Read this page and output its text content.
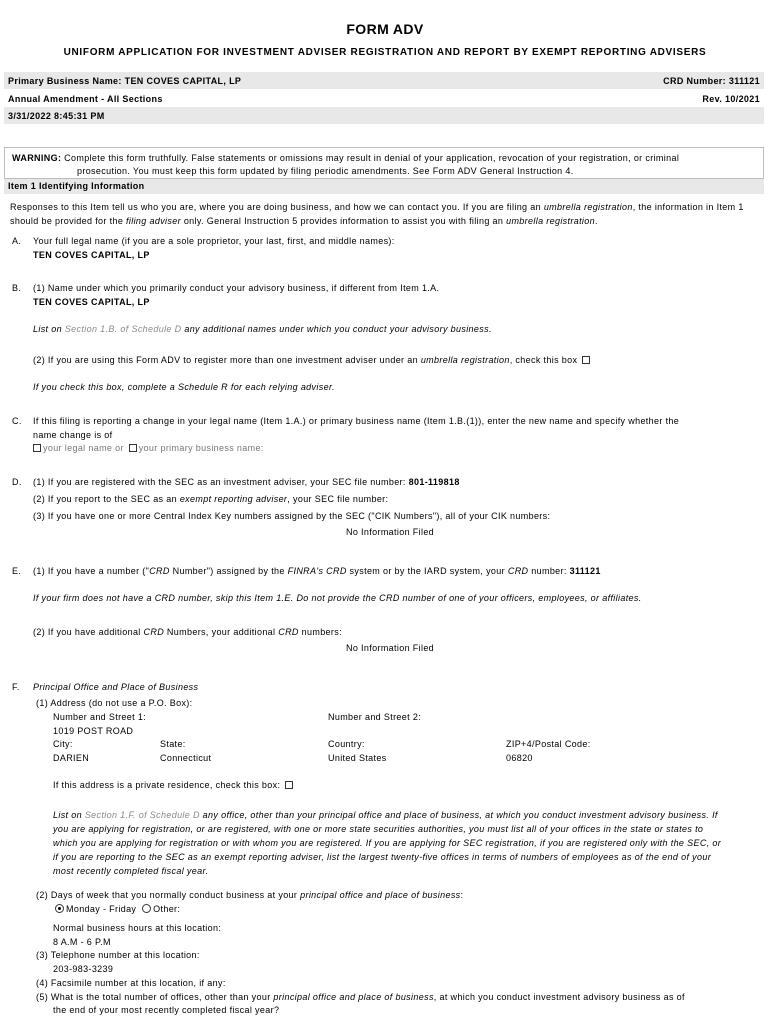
FORM ADV
UNIFORM APPLICATION FOR INVESTMENT ADVISER REGISTRATION AND REPORT BY EXEMPT REPORTING ADVISERS
Primary Business Name: TEN COVES CAPITAL, LP	CRD Number: 311121
Annual Amendment - All Sections	Rev. 10/2021
3/31/2022 8:45:31 PM
WARNING: Complete this form truthfully. False statements or omissions may result in denial of your application, revocation of your registration, or criminal
prosecution. You must keep this form updated by filing periodic amendments. See Form ADV General Instruction 4.
Item 1 Identifying Information
Responses to this Item tell us who you are, where you are doing business, and how we can contact you. If you are filing an umbrella registration, the information in Item 1 should be provided for the filing adviser only. General Instruction 5 provides information to assist you with filing an umbrella registration.
A. Your full legal name (if you are a sole proprietor, your last, first, and middle names):
TEN COVES CAPITAL, LP
B. (1) Name under which you primarily conduct your advisory business, if different from Item 1.A.
TEN COVES CAPITAL, LP
List on Section 1.B. of Schedule D any additional names under which you conduct your advisory business.
(2) If you are using this Form ADV to register more than one investment adviser under an umbrella registration, check this box
If you check this box, complete a Schedule R for each relying adviser.
C. If this filing is reporting a change in your legal name (Item 1.A.) or primary business name (Item 1.B.(1)), enter the new name and specify whether the
name change is of
your legal name or your primary business name:
D. (1) If you are registered with the SEC as an investment adviser, your SEC file number: 801-119818
(2) If you report to the SEC as an exempt reporting adviser, your SEC file number:
(3) If you have one or more Central Index Key numbers assigned by the SEC ("CIK Numbers"), all of your CIK numbers:
No Information Filed
E. (1) If you have a number ("CRD Number") assigned by the FINRA's CRD system or by the IARD system, your CRD number: 311121
If your firm does not have a CRD number, skip this Item 1.E. Do not provide the CRD number of one of your officers, employees, or affiliates.
(2) If you have additional CRD Numbers, your additional CRD numbers:
No Information Filed
F. Principal Office and Place of Business
(1) Address (do not use a P.O. Box):
Number and Street 1:	Number and Street 2:
1019 POST ROAD
City:	State:	Country:	ZIP+4/Postal Code:
DARIEN	Connecticut	United States	06820
If this address is a private residence, check this box:
List on Section 1.F. of Schedule D any office, other than your principal office and place of business, at which you conduct investment advisory business. If
you are applying for registration, or are registered, with one or more state securities authorities, you must list all of your offices in the state or states to
which you are applying for registration or with whom you are registered. If you are applying for SEC registration, if you are registered only with the SEC, or
if you are reporting to the SEC as an exempt reporting adviser, list the largest twenty-five offices in terms of numbers of employees as of the end of your
most recently completed fiscal year.
(2) Days of week that you normally conduct business at your principal office and place of business:
Monday - Friday Other:
Normal business hours at this location:
8 A.M - 6 P.M
(3) Telephone number at this location:
203-983-3239
(4) Facsimile number at this location, if any:
(5) What is the total number of offices, other than your principal office and place of business, at which you conduct investment advisory business as of
the end of your most recently completed fiscal year?
